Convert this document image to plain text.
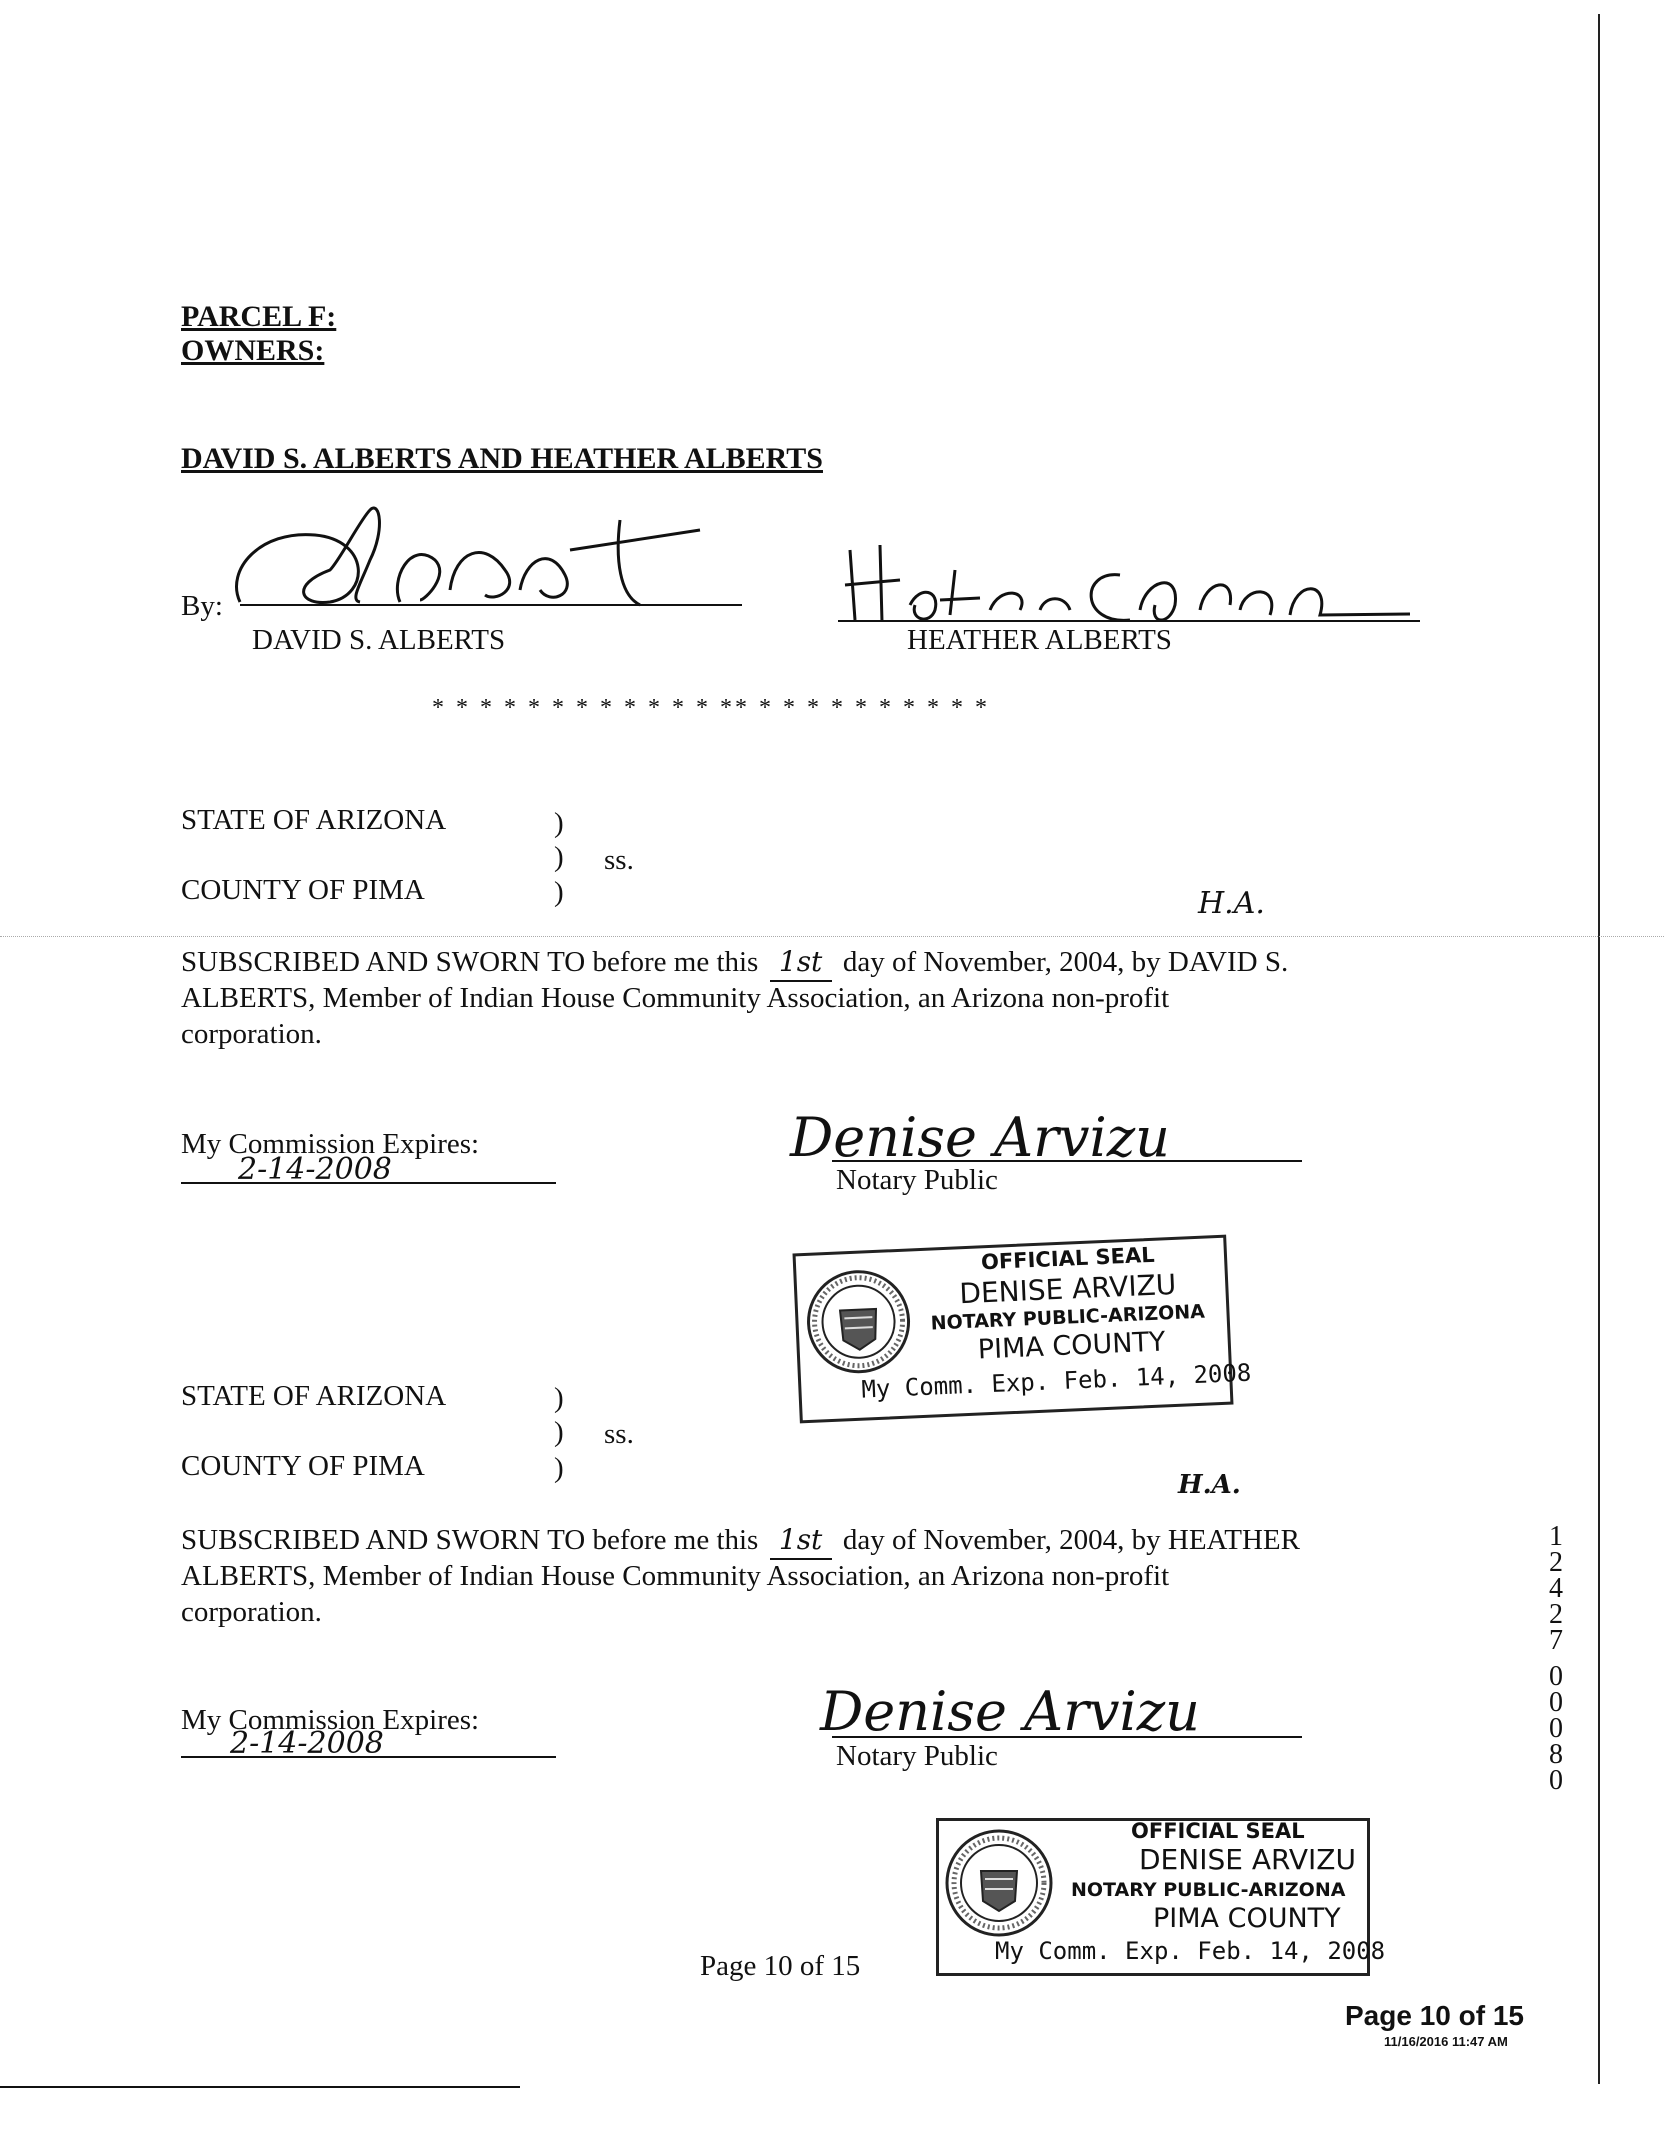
PARCEL F:
OWNERS:
DAVID S. ALBERTS AND HEATHER ALBERTS
By:
DAVID S. ALBERTS	HEATHER ALBERTS
* * * * * * * * * * * * ** * * * * * * * * * *
STATE OF ARIZONA	)
) ss.
)
COUNTY OF PIMA	H.A.
SUBSCRIBED AND SWORN TO before me this 1st day of November, 2004, by DAVID S.
ALBERTS, Member of Indian House Community Association, an Arizona non-profit
corporation.
My Commission Expires:
2-14-2008
Denise Arvizu
Notary Public
OFFICIAL SEAL
DENISE ARVIZU
NOTARY PUBLIC-ARIZONA
PIMA COUNTY
My Comm. Exp. Feb. 14, 2008
STATE OF ARIZONA	)
) ss.
)
COUNTY OF PIMA
H.A.
SUBSCRIBED AND SWORN TO before me this 1st day of November, 2004, by HEATHER
ALBERTS, Member of Indian House Community Association, an Arizona non-profit
corporation.
My Commission Expires:
2-14-2008
Denise Arvizu
Notary Public
OFFICIAL SEAL
DENISE ARVIZU
NOTARY PUBLIC-ARIZONA
PIMA COUNTY
My Comm. Exp. Feb. 14, 2008
Page 10 of 15
Page 10 of 15
11/16/2016 11:47 AM
1
2
4
2
7
0
0
0
8
0
